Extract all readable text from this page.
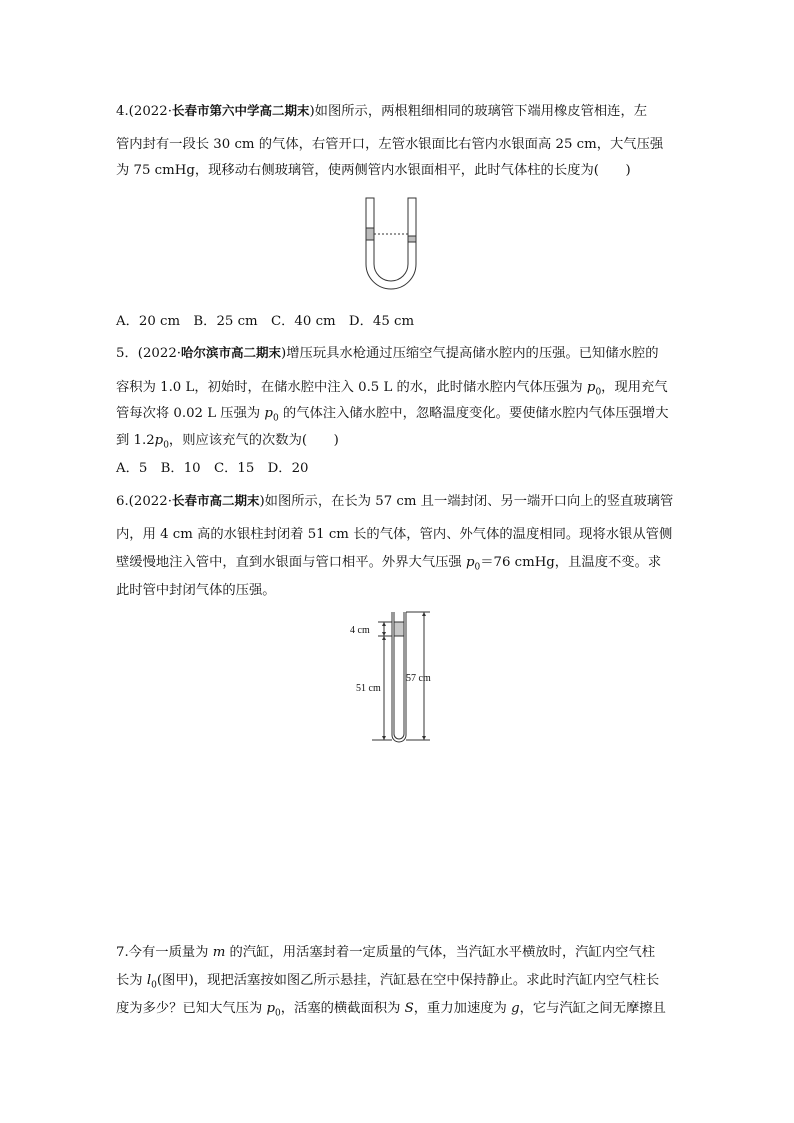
4.(2022·长春市第六中学高二期末)如图所示，两根粗细相同的玻璃管下端用橡皮管相连，左
管内封有一段长 30 cm 的气体，右管开口，左管水银面比右管内水银面高 25 cm，大气压强
为 75 cmHg，现移动右侧玻璃管，使两侧管内水银面相平，此时气体柱的长度为(　　)
A．20 cm　B．25 cm　C．40 cm　D．45 cm
5．(2022·哈尔滨市高二期末)增压玩具水枪通过压缩空气提高储水腔内的压强。已知储水腔的
容积为 1.0 L，初始时，在储水腔中注入 0.5 L 的水，此时储水腔内气体压强为 $p_0$，现用充气
管每次将 0.02 L 压强为 $p_0$ 的气体注入储水腔中，忽略温度变化。要使储水腔内气体压强增大
到 $1.2p_0$，则应该充气的次数为(　　)
A．5　B．10　C．15　D．20
6.(2022·长春市高二期末)如图所示，在长为 57 cm 且一端封闭、另一端开口向上的竖直玻璃管
内，用 4 cm 高的水银柱封闭着 51 cm 长的气体，管内、外气体的温度相同。现将水银从管侧
壁缓慢地注入管中，直到水银面与管口相平。外界大气压强 $p_0=76$ cmHg，且温度不变。求
此时管中封闭气体的压强。
4 cm
51 cm
57 cm
7.今有一质量为 m 的汽缸，用活塞封着一定质量的气体，当汽缸水平横放时，汽缸内空气柱
长为 $l_0$(图甲)，现把活塞按如图乙所示悬挂，汽缸悬在空中保持静止。求此时汽缸内空气柱长
度为多少？已知大气压为 $p_0$，活塞的横截面积为 S，重力加速度为 g，它与汽缸之间无摩擦且
